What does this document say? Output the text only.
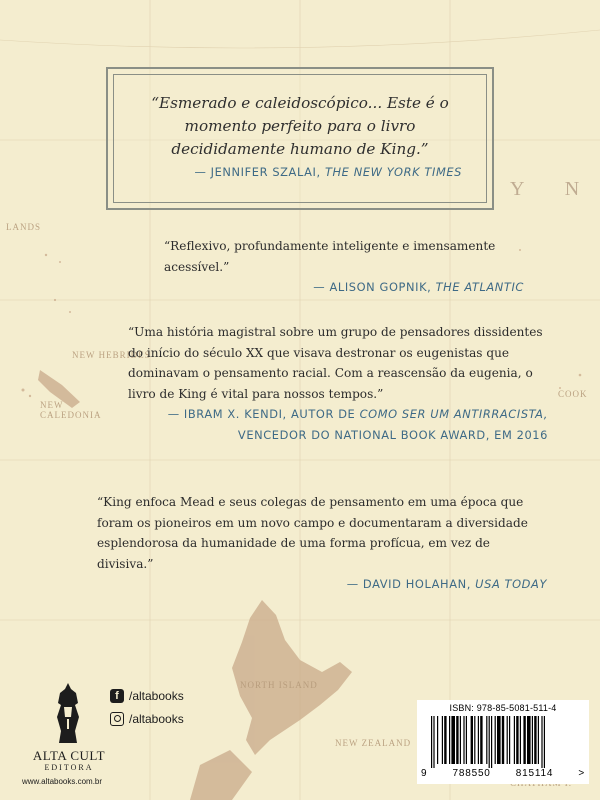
LANDS
NEW HEBRIDES
NEW CALEDONIA
COOK
NORTH ISLAND
NEW ZEALAND
Y N
“Esmerado e caleidoscópico... Este é o momento perfeito para o livro decididamente humano de King.”
— JENNIFER SZALAI, THE NEW YORK TIMES
“Reflexivo, profundamente inteligente e imensamente acessível.”
— ALISON GOPNIK, THE ATLANTIC
“Uma história magistral sobre um grupo de pensadores dissidentes do início do século XX que visava destronar os eugenistas que dominavam o pensamento racial. Com a reascensão da eugenia, o livro de King é vital para nossos tempos.”
— IBRAM X. KENDI, AUTOR DE COMO SER UM ANTIRRACISTA,
VENCEDOR DO NATIONAL BOOK AWARD, EM 2016
“King enfoca Mead e seus colegas de pensamento em uma época que foram os pioneiros em um novo campo e documentaram a diversidade esplendorosa da humanidade de uma forma profícua, em vez de divisiva.”
— DAVID HOLAHAN, USA TODAY
ALTA CULT
EDITORA
www.altabooks.com.br
f /altabooks
/altabooks
ISBN: 978-85-5081-511-4
9	788550	815114	>
